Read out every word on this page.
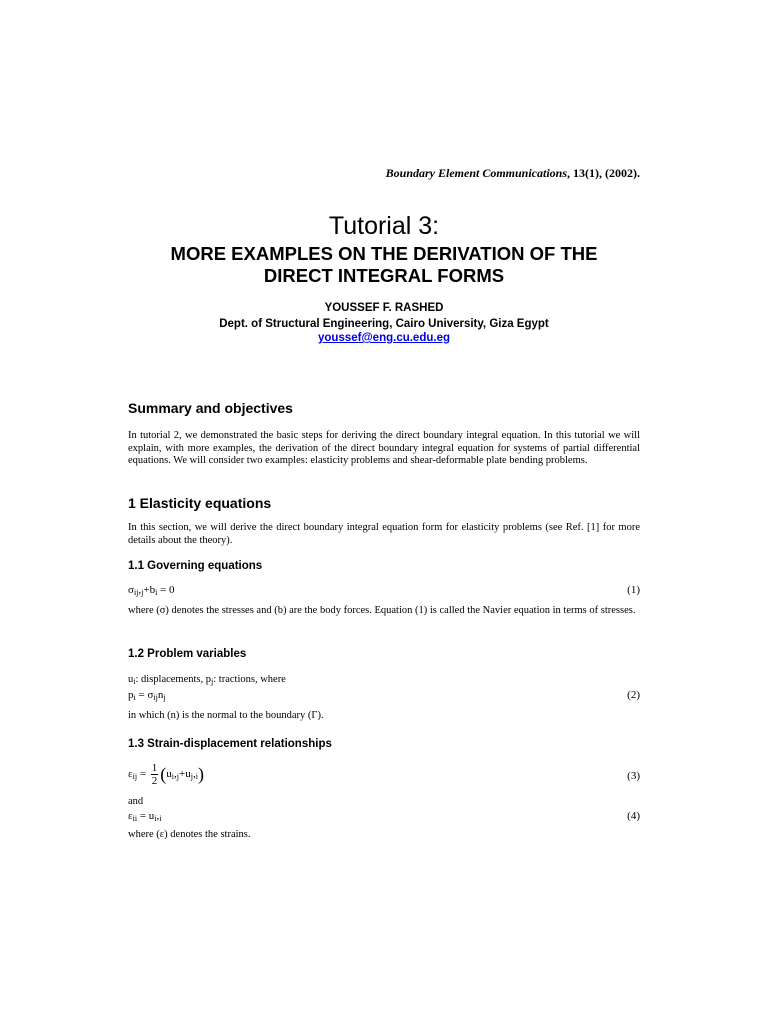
Boundary Element Communications, 13(1), (2002).
Tutorial 3:
MORE EXAMPLES ON THE DERIVATION OF THE
DIRECT INTEGRAL FORMS
YOUSSEF F. RASHED
Dept. of Structural Engineering, Cairo University, Giza Egypt
youssef@eng.cu.edu.eg
Summary and objectives
In tutorial 2, we demonstrated the basic steps for deriving the direct boundary integral equation. In this tutorial we will explain, with more examples, the derivation of the direct boundary integral equation for systems of partial differential equations. We will consider two examples: elasticity problems and shear-deformable plate bending problems.
1 Elasticity equations
In this section, we will derive the direct boundary integral equation form for elasticity problems (see Ref. [1] for more details about the theory).
1.1 Governing equations
$\sigma_{ij},_j+b_i = 0$	(1)
where (σ) denotes the stresses and (b) are the body forces. Equation (1) is called the Navier equation in terms of stresses.
1.2 Problem variables
$u_i$: displacements, $p_j$: tractions, where
$p_i = \sigma_{ij}n_j$	(2)
in which (n) is the normal to the boundary (Γ).
1.3 Strain-displacement relationships
$\varepsilon_{ij} = \frac{1}{2} (u_i,_j+u_j,_i)$	(3)
and
$\varepsilon_{ii} = u_i,_i$	(4)
where (ε) denotes the strains.
